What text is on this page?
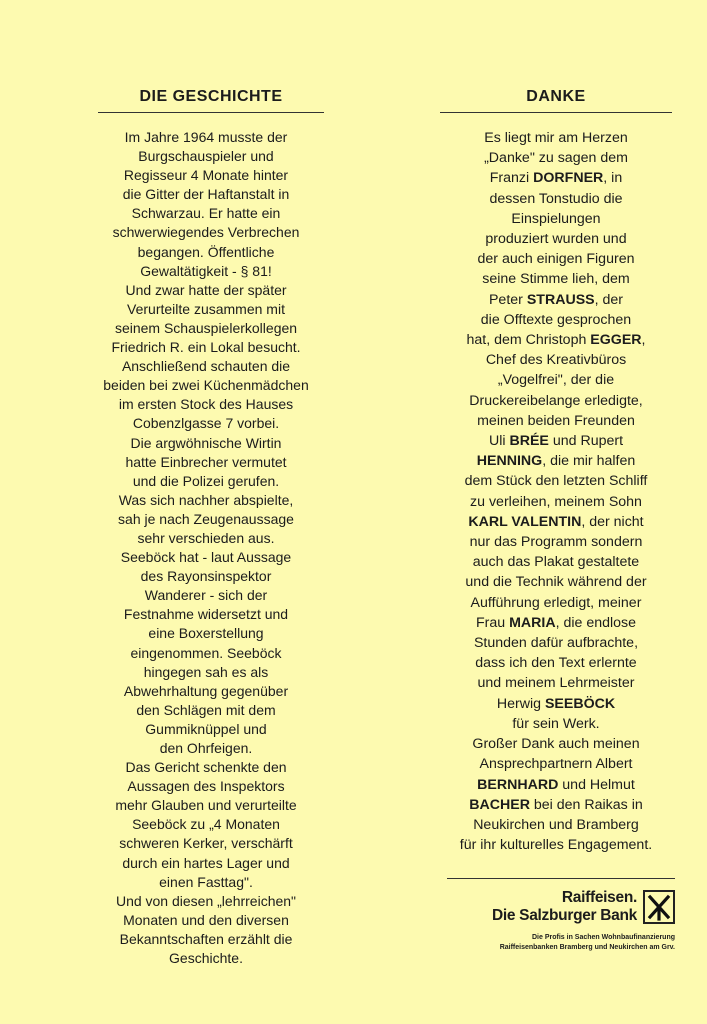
DIE GESCHICHTE
Im Jahre 1964 musste der
Burgschauspieler und
Regisseur 4 Monate hinter
die Gitter der Haftanstalt in
Schwarzau. Er hatte ein
schwerwiegendes Verbrechen
begangen. Öffentliche
Gewaltätigkeit - § 81!
Und zwar hatte der später
Verurteilte zusammen mit
seinem Schauspielerkollegen
Friedrich R. ein Lokal besucht.
Anschließend schauten die
beiden bei zwei Küchenmädchen
im ersten Stock des Hauses
Cobenzlgasse 7 vorbei.
Die argwöhnische Wirtin
hatte Einbrecher vermutet
und die Polizei gerufen.
Was sich nachher abspielte,
sah je nach Zeugenaussage
sehr verschieden aus.
Seeböck hat - laut Aussage
des Rayonsinspektor
Wanderer - sich der
Festnahme widersetzt und
eine Boxerstellung
eingenommen. Seeböck
hingegen sah es als
Abwehrhaltung gegenüber
den Schlägen mit dem
Gummiknüppel und
den Ohrfeigen.
Das Gericht schenkte den
Aussagen des Inspektors
mehr Glauben und verurteilte
Seeböck zu „4 Monaten
schweren Kerker, verschärft
durch ein hartes Lager und
einen Fasttag".
Und von diesen „lehrreichen"
Monaten und den diversen
Bekanntschaften erzählt die
Geschichte.
DANKE
Es liegt mir am Herzen
„Danke" zu sagen dem
Franzi DORFNER, in
dessen Tonstudio die
Einspielungen
produziert wurden und
der auch einigen Figuren
seine Stimme lieh, dem
Peter STRAUSS, der
die Offtexte gesprochen
hat, dem Christoph EGGER,
Chef des Kreativbüros
„Vogelfrei", der die
Druckereibelange erledigte,
meinen beiden Freunden
Uli BRÉE und Rupert
HENNING, die mir halfen
dem Stück den letzten Schliff
zu verleihen, meinem Sohn
KARL VALENTIN, der nicht
nur das Programm sondern
auch das Plakat gestaltete
und die Technik während der
Aufführung erledigt, meiner
Frau MARIA, die endlose
Stunden dafür aufbrachte,
dass ich den Text erlernte
und meinem Lehrmeister
Herwig SEEBÖCK
für sein Werk.
Großer Dank auch meinen
Ansprechpartnern Albert
BERNHARD und Helmut
BACHER bei den Raikas in
Neukirchen und Bramberg
für ihr kulturelles Engagement.
Raiffeisen.
Die Salzburger Bank
Die Profis in Sachen Wohnbaufinanzierung
Raiffeisenbanken Bramberg und Neukirchen am Grv.
